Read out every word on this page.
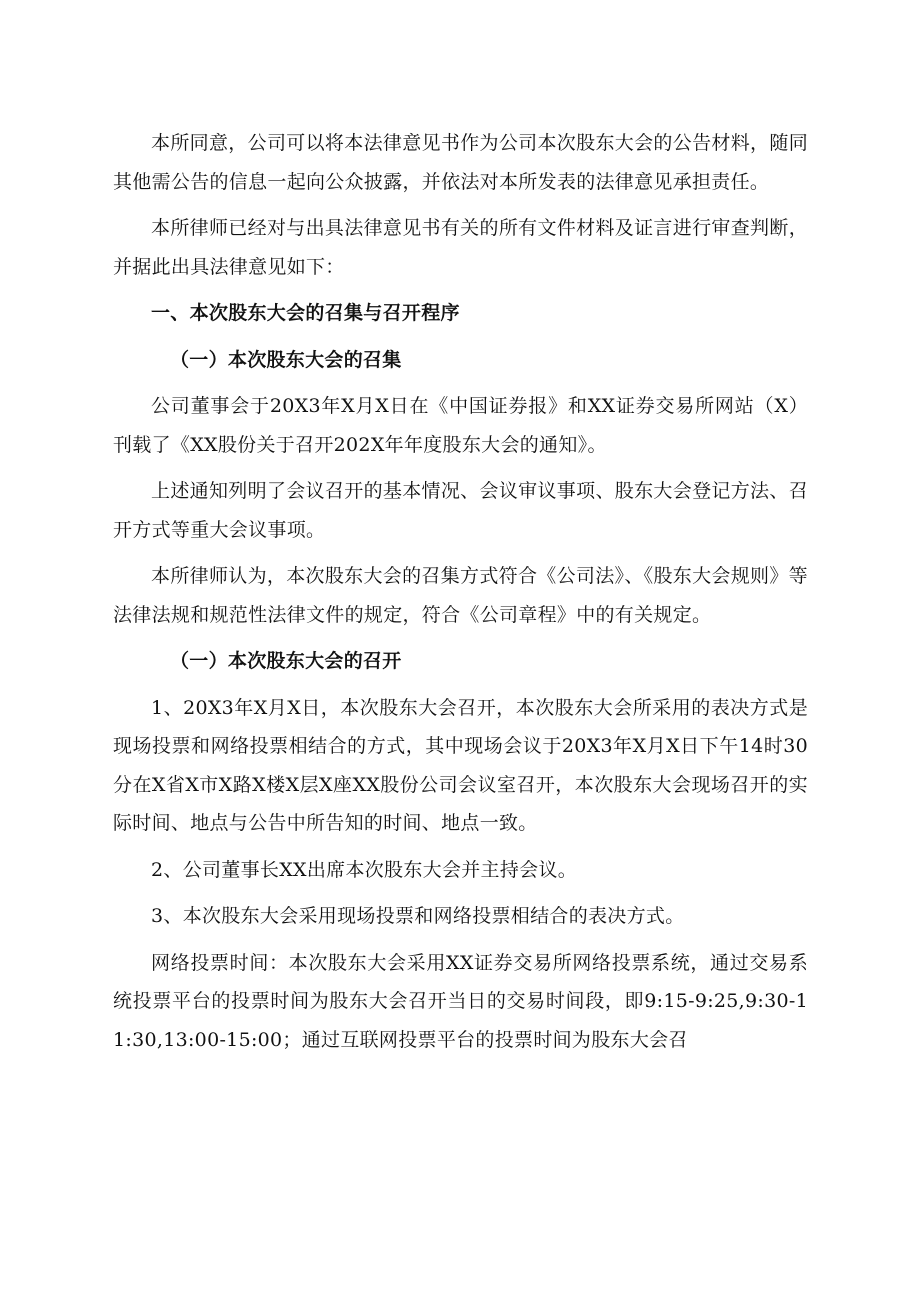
本所同意，公司可以将本法律意见书作为公司本次股东大会的公告材料，随同其他需公告的信息一起向公众披露，并依法对本所发表的法律意见承担责任。

本所律师已经对与出具法律意见书有关的所有文件材料及证言进行审查判断，并据此出具法律意见如下：

一、本次股东大会的召集与召开程序

（一）本次股东大会的召集

公司董事会于20X3年X月X日在《中国证券报》和XX证券交易所网站（X）刊载了《XX股份关于召开202X年年度股东大会的通知》。

上述通知列明了会议召开的基本情况、会议审议事项、股东大会登记方法、召开方式等重大会议事项。

本所律师认为，本次股东大会的召集方式符合《公司法》、《股东大会规则》等法律法规和规范性法律文件的规定，符合《公司章程》中的有关规定。

（一）本次股东大会的召开

1、20X3年X月X日，本次股东大会召开，本次股东大会所采用的表决方式是现场投票和网络投票相结合的方式，其中现场会议于20X3年X月X日下午14时30分在X省X市X路X楼X层X座XX股份公司会议室召开，本次股东大会现场召开的实际时间、地点与公告中所告知的时间、地点一致。

2、公司董事长XX出席本次股东大会并主持会议。

3、本次股东大会采用现场投票和网络投票相结合的表决方式。

网络投票时间：本次股东大会采用XX证券交易所网络投票系统，通过交易系统投票平台的投票时间为股东大会召开当日的交易时间段，即9:15-9:25,9:30-11:30,13:00-15:00；通过互联网投票平台的投票时间为股东大会召
